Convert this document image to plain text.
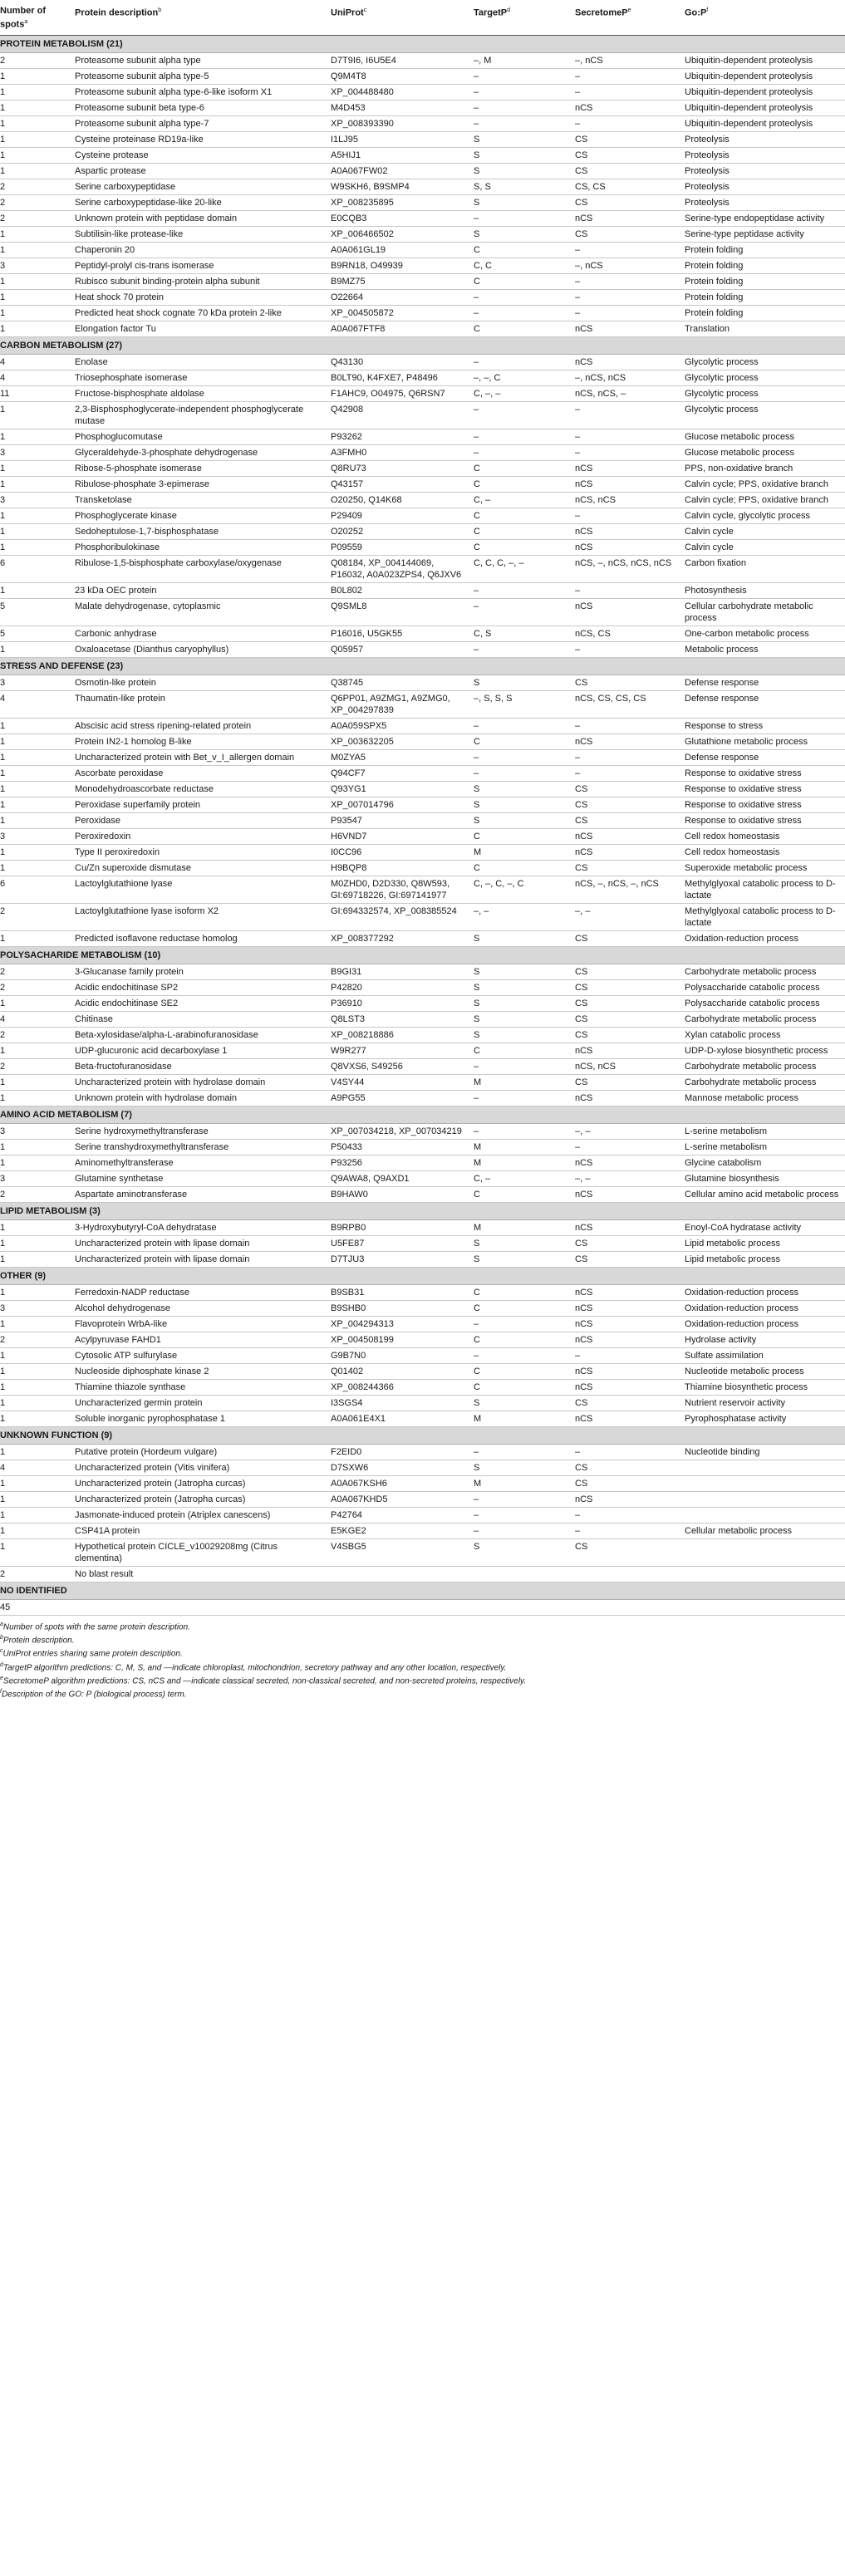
Number of spots$^a$	Protein description$^b$	UniProt$^c$	TargetP$^d$	SecretomeP$^e$	$Go:P^f$
PROTEIN METABOLISM (21)					
2	Proteasome subunit alpha type	D7T9I6, I6U5E4	–, M	–, nCS	Ubiquitin-dependent proteolysis
1	Proteasome subunit alpha type-5	Q9M4T8	–	–	Ubiquitin-dependent proteolysis
1	Proteasome subunit alpha type-6-like isoform X1	XP_004488480	–	–	Ubiquitin-dependent proteolysis
1	Proteasome subunit beta type-6	M4D453	–	nCS	Ubiquitin-dependent proteolysis
1	Proteasome subunit alpha type-7	XP_008393390	–	–	Ubiquitin-dependent proteolysis
1	Cysteine proteinase RD19a-like	I1LJ95	S	CS	Proteolysis
1	Cysteine protease	A5HIJ1	S	CS	Proteolysis
1	Aspartic protease	A0A067FW02	S	CS	Proteolysis
2	Serine carboxypeptidase	W9SKH6, B9SMP4	S, S	CS, CS	Proteolysis
2	Serine carboxypeptidase-like 20-like	XP_008235895	S	CS	Proteolysis
2	Unknown protein with peptidase domain	E0CQB3	–	nCS	Serine-type endopeptidase activity
1	Subtilisin-like protease-like	XP_006466502	S	CS	Serine-type peptidase activity
1	Chaperonin 20	A0A061GL19	C	–	Protein folding
3	Peptidyl-prolyl cis-trans isomerase	B9RN18, O49939	C, C	–, nCS	Protein folding
1	Rubisco subunit binding-protein alpha subunit	B9MZ75	C	–	Protein folding
1	Heat shock 70 protein	O22664	–	–	Protein folding
1	Predicted heat shock cognate 70 kDa protein 2-like	XP_004505872	–	–	Protein folding
1	Elongation factor Tu	A0A067FTF8	C	nCS	Translation
CARBON METABOLISM (27)					
4	Enolase	Q43130	–	nCS	Glycolytic process
4	Triosephosphate isomerase	B0LT90, K4FXE7, P48496	–, –, C	–, nCS, nCS	Glycolytic process
11	Fructose-bisphosphate aldolase	F1AHC9, O04975, Q6RSN7	C, –, –	nCS, nCS, –	Glycolytic process
1	2,3-Bisphosphoglycerate-independent phosphoglycerate mutase	Q42908	–	–	Glycolytic process
1	Phosphoglucomutase	P93262	–	–	Glucose metabolic process
3	Glyceraldehyde-3-phosphate dehydrogenase	A3FMH0	–	–	Glucose metabolic process
1	Ribose-5-phosphate isomerase	Q8RU73	C	nCS	PPS, non-oxidative branch
1	Ribulose-phosphate 3-epimerase	Q43157	C	nCS	Calvin cycle; PPS, oxidative branch
3	Transketolase	O20250, Q14K68	C, –	nCS, nCS	Calvin cycle; PPS, oxidative branch
1	Phosphoglycerate kinase	P29409	C	–	Calvin cycle, glycolytic process
1	Sedoheptulose-1,7-bisphosphatase	O20252	C	nCS	Calvin cycle
1	Phosphoribulokinase	P09559	C	nCS	Calvin cycle
6	Ribulose-1,5-bisphosphate carboxylase/oxygenase	Q08184, XP_004144069, P16032, A0A023ZPS4, Q6JXV6	C, C, C, –, –	nCS, –, nCS, nCS, nCS	Carbon fixation
1	23 kDa OEC protein	B0L802	–	–	Photosynthesis
5	Malate dehydrogenase, cytoplasmic	Q9SML8	–	nCS	Cellular carbohydrate metabolic process
5	Carbonic anhydrase	P16016, U5GK55	C, S	nCS, CS	One-carbon metabolic process
1	Oxaloacetase (Dianthus caryophyllus)	Q05957	–	–	Metabolic process
STRESS AND DEFENSE (23)					
3	Osmotin-like protein	Q38745	S	CS	Defense response
4	Thaumatin-like protein	Q6PP01, A9ZMG1, A9ZMG0, XP_004297839	–, S, S, S	nCS, CS, CS, CS	Defense response
1	Abscisic acid stress ripening-related protein	A0A059SPX5	–	–	Response to stress
1	Protein IN2-1 homolog B-like	XP_003632205	C	nCS	Glutathione metabolic process
1	Uncharacterized protein with Bet_v_I_allergen domain	M0ZYA5	–	–	Defense response
1	Ascorbate peroxidase	Q94CF7	–	–	Response to oxidative stress
1	Monodehydroascorbate reductase	Q93YG1	S	CS	Response to oxidative stress
1	Peroxidase superfamily protein	XP_007014796	S	CS	Response to oxidative stress
1	Peroxidase	P93547	S	CS	Response to oxidative stress
3	Peroxiredoxin	H6VND7	C	nCS	Cell redox homeostasis
1	Type II peroxiredoxin	I0CC96	M	nCS	Cell redox homeostasis
1	Cu/Zn superoxide dismutase	H9BQP8	C	CS	Superoxide metabolic process
6	Lactoylglutathione lyase	M0ZHD0, D2D330, Q8W593, GI:69718226, GI:697141977	C, –, C, –, C	nCS, –, nCS, –, nCS	Methylglyoxal catabolic process to D-lactate
2	Lactoylglutathione lyase isoform X2	GI:694332574, XP_008385524	–, –	–, –	Methylglyoxal catabolic process to D-lactate
1	Predicted isoflavone reductase homolog	XP_008377292	S	CS	Oxidation-reduction process
POLYSACHARIDE METABOLISM (10)					
2	3-Glucanase family protein	B9GI31	S	CS	Carbohydrate metabolic process
2	Acidic endochitinase SP2	P42820	S	CS	Polysaccharide catabolic process
1	Acidic endochitinase SE2	P36910	S	CS	Polysaccharide catabolic process
4	Chitinase	Q8LST3	S	CS	Carbohydrate metabolic process
2	Beta-xylosidase/alpha-L-arabinofuranosidase	XP_008218886	S	CS	Xylan catabolic process
1	UDP-glucuronic acid decarboxylase 1	W9R277	C	nCS	UDP-D-xylose biosynthetic process
2	Beta-fructofuranosidase	Q8VXS6, S49256	–	nCS, nCS	Carbohydrate metabolic process
1	Uncharacterized protein with hydrolase domain	V4SY44	M	CS	Carbohydrate metabolic process
1	Unknown protein with hydrolase domain	A9PG55	–	nCS	Mannose metabolic process
AMINO ACID METABOLISM (7)					
3	Serine hydroxymethyltransferase	XP_007034218, XP_007034219	–	–, –	L-serine metabolism
1	Serine transhydroxymethyltransferase	P50433	M	–	L-serine metabolism
1	Aminomethyltransferase	P93256	M	nCS	Glycine catabolism
3	Glutamine synthetase	Q9AWA8, Q9AXD1	C, –	–, –	Glutamine biosynthesis
2	Aspartate aminotransferase	B9HAW0	C	nCS	Cellular amino acid metabolic process
LIPID METABOLISM (3)					
1	3-Hydroxybutyryl-CoA dehydratase	B9RPB0	M	nCS	Enoyl-CoA hydratase activity
1	Uncharacterized protein with lipase domain	U5FE87	S	CS	Lipid metabolic process
1	Uncharacterized protein with lipase domain	D7TJU3	S	CS	Lipid metabolic process
OTHER (9)					
1	Ferredoxin-NADP reductase	B9SB31	C	nCS	Oxidation-reduction process
3	Alcohol dehydrogenase	B9SHB0	C	nCS	Oxidation-reduction process
1	Flavoprotein WrbA-like	XP_004294313	–	nCS	Oxidation-reduction process
2	Acylpyruvase FAHD1	XP_004508199	C	nCS	Hydrolase activity
1	Cytosolic ATP sulfurylase	G9B7N0	–	–	Sulfate assimilation
1	Nucleoside diphosphate kinase 2	Q01402	C	nCS	Nucleotide metabolic process
1	Thiamine thiazole synthase	XP_008244366	C	nCS	Thiamine biosynthetic process
1	Uncharacterized germin protein	I3SGS4	S	CS	Nutrient reservoir activity
1	Soluble inorganic pyrophosphatase 1	A0A061E4X1	M	nCS	Pyrophosphatase activity
UNKNOWN FUNCTION (9)					
1	Putative protein (Hordeum vulgare)	F2EID0	–	–	Nucleotide binding
4	Uncharacterized protein (Vitis vinifera)	D7SXW6	S	CS	
1	Uncharacterized protein (Jatropha curcas)	A0A067KSH6	M	CS	
1	Uncharacterized protein (Jatropha curcas)	A0A067KHD5	–	nCS	
1	Jasmonate-induced protein (Atriplex canescens)	P42764	–	–	
1	CSP41A protein	E5KGE2	–	–	Cellular metabolic process
1	Hypothetical protein CICLE_v10029208mg (Citrus clementina)	V4SBG5	S	CS	
2	No blast result				
NO IDENTIFIED					
45					
$^a$Number of spots with the same protein description.
$^b$Protein description.
$^c$UniProt entries sharing same protein description.
$^d$TargetP algorithm predictions: C, M, S, and —indicate chloroplast, mitochondrion, secretory pathway and any other location, respectively.
$^e$SecretomeP algorithm predictions: CS, nCS and —indicate classical secreted, non-classical secreted, and non-secreted proteins, respectively.
$^f$Description of the GO: P (biological process) term.
